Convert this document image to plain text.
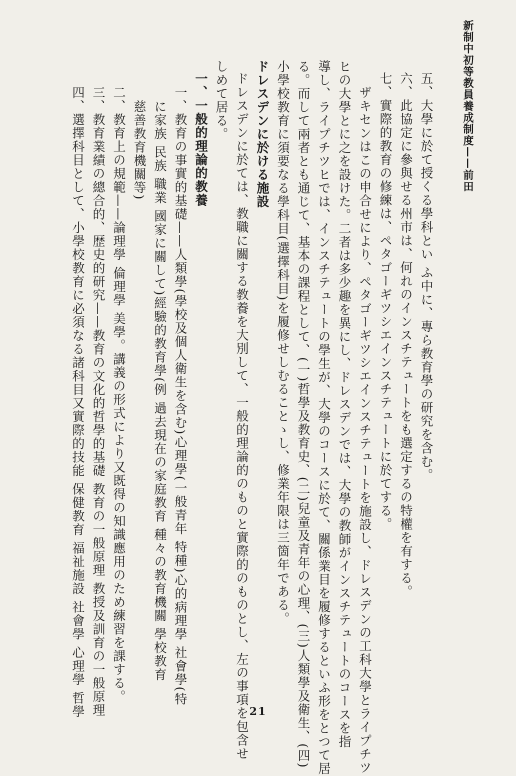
新制中初等教員養成制度——前田
五、大學に於て授くる學科とい ふ中に、專ら教育學の研究を含む。
六、此協定に參與せる州市は、何れのインスチテュートをも選定するの特權を有する。
七、實際的教育の修練は、ペタゴーギツシエインスチテュートに於てする。
ザキセンはこの申合せにより、ペタゴーギツシエインスチテュートを施設し、ドレスデンの工科大學とライプチツ
ヒの大學とに之を設けた。二者は多少趣を異にし、ドレスデンでは、大學の教師がインスチテュートのコースを指
導し、ライプチツヒでは、インスチテュートの學生が、大學のコースに於て、關係業目を履修するといふ形をとつて居
る。而して兩者とも通じて、基本の課程として、(一)哲學及教育史、(二)兒童及青年の心理、(三)人類學及衛生、(四)
小學校教育に須要なる學科目(選擇科目)を履修せしむることゝし、修業年限は三箇年である。
ドレスデンに於ける施設
ドレスデンに於ては、教職に關する教養を大別して、一般的理論的のものと實際的のものとし、左の事項を包含せ
しめて居る。
一、一般的理論的教養
一、教育の事實的基礎——人類學(學校及個人衛生を含む)心理學(一般青年 特種)心的病理學 社會學(特
に家族 民族 職業 國家に關して)經驗的教育學(例 過去現在の家庭教育 種々の教育機關 學校教育
慈善教育機關等)
二、教育上の規範——論理學 倫理學 美學。講義の形式により又既得の知識應用のため練習を課する。
三、教育業績の總合的、歴史的研究——教育の文化的哲學的基礎 教育の一般原理 教授及訓育の一般原理
四、選擇科目として、小學校教育に必須なる諸科目又實際的技能 保健教育 福祉施設 社會學 心理學 哲學	21
